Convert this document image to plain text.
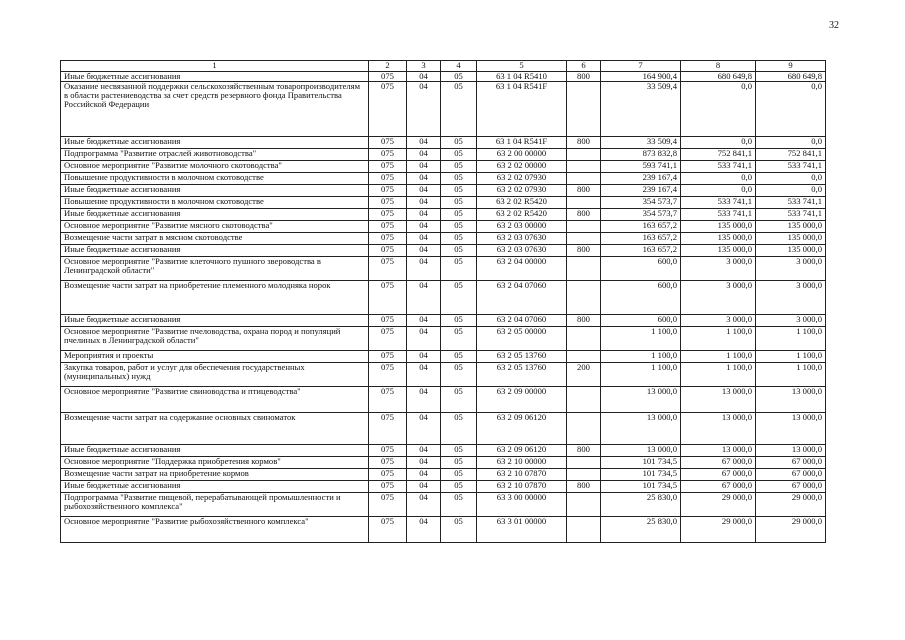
32
1	2	3	4	5	6	7	8	9
Иные бюджетные ассигнования	075	04	05	63 1 04 R5410	800	164 900,4	680 649,8	680 649,8
Оказание несвязанной поддержки сельскохозяйственным товаропроизводителям в области растениеводства за счет средств резервного фонда Правительства Российской Федерации	075	04	05	63 1 04 R541F		33 509,4	0,0	0,0
Иные бюджетные ассигнования	075	04	05	63 1 04 R541F	800	33 509,4	0,0	0,0
Подпрограмма "Развитие отраслей животноводства"	075	04	05	63 2 00 00000		873 832,8	752 841,1	752 841,1
Основное мероприятие "Развитие молочного скотоводства"	075	04	05	63 2 02 00000		593 741,1	533 741,1	533 741,1
Повышение продуктивности в молочном скотоводстве	075	04	05	63 2 02 07930		239 167,4	0,0	0,0
Иные бюджетные ассигнования	075	04	05	63 2 02 07930	800	239 167,4	0,0	0,0
Повышение продуктивности в молочном скотоводстве	075	04	05	63 2 02 R5420		354 573,7	533 741,1	533 741,1
Иные бюджетные ассигнования	075	04	05	63 2 02 R5420	800	354 573,7	533 741,1	533 741,1
Основное мероприятие "Развитие мясного скотоводства"	075	04	05	63 2 03 00000		163 657,2	135 000,0	135 000,0
Возмещение части затрат в мясном скотоводстве	075	04	05	63 2 03 07630		163 657,2	135 000,0	135 000,0
Иные бюджетные ассигнования	075	04	05	63 2 03 07630	800	163 657,2	135 000,0	135 000,0
Основное мероприятие "Развитие клеточного пушного звероводства в Ленинградской области"	075	04	05	63 2 04 00000		600,0	3 000,0	3 000,0
Возмещение части затрат на приобретение племенного молодняка норок	075	04	05	63 2 04 07060		600,0	3 000,0	3 000,0
Иные бюджетные ассигнования	075	04	05	63 2 04 07060	800	600,0	3 000,0	3 000,0
Основное мероприятие "Развитие пчеловодства, охрана пород и популяций пчелиных в Ленинградской области"	075	04	05	63 2 05 00000		1 100,0	1 100,0	1 100,0
Мероприятия и проекты	075	04	05	63 2 05 13760		1 100,0	1 100,0	1 100,0
Закупка товаров, работ и услуг для обеспечения государственных (муниципальных) нужд	075	04	05	63 2 05 13760	200	1 100,0	1 100,0	1 100,0
Основное мероприятие "Развитие свиноводства и птицеводства"	075	04	05	63 2 09 00000		13 000,0	13 000,0	13 000,0
Возмещение части затрат на содержание основных свиноматок	075	04	05	63 2 09 06120		13 000,0	13 000,0	13 000,0
Иные бюджетные ассигнования	075	04	05	63 2 09 06120	800	13 000,0	13 000,0	13 000,0
Основное мероприятие "Поддержка приобретения кормов"	075	04	05	63 2 10 00000		101 734,5	67 000,0	67 000,0
Возмещение части затрат на приобретение кормов	075	04	05	63 2 10 07870		101 734,5	67 000,0	67 000,0
Иные бюджетные ассигнования	075	04	05	63 2 10 07870	800	101 734,5	67 000,0	67 000,0
Подпрограмма "Развитие пищевой, перерабатывающей промышленности и рыбохозяйственного комплекса"	075	04	05	63 3 00 00000		25 830,0	29 000,0	29 000,0
Основное мероприятие "Развитие рыбохозяйственного комплекса"	075	04	05	63 3 01 00000		25 830,0	29 000,0	29 000,0
